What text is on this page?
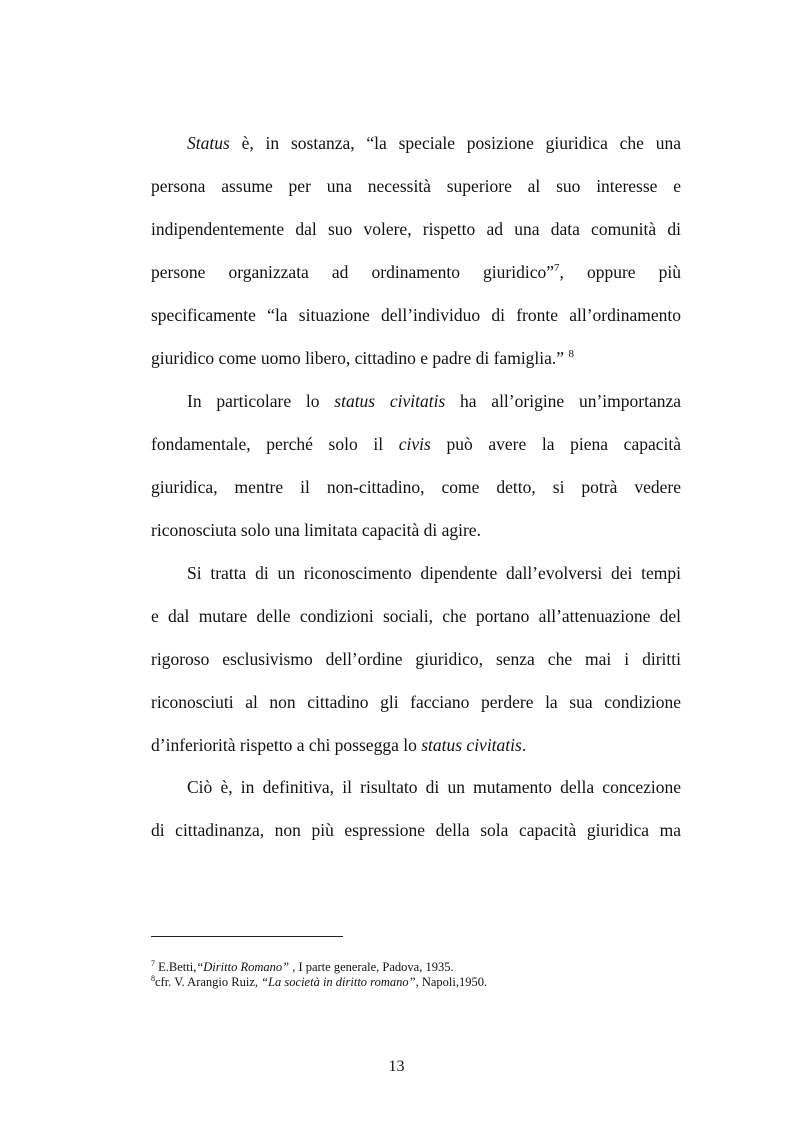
Status è, in sostanza, “la speciale posizione giuridica che una
persona assume per una necessità superiore al suo interesse e
indipendentemente dal suo volere, rispetto ad una data comunità di
persone organizzata ad ordinamento giuridico”$^7$, oppure più
specificamente “la situazione dell’individuo di fronte all’ordinamento
giuridico come uomo libero, cittadino e padre di famiglia.” $^8$
In particolare lo status civitatis ha all’origine un’importanza
fondamentale, perché solo il civis può avere la piena capacità
giuridica, mentre il non-cittadino, come detto, si potrà vedere
riconosciuta solo una limitata capacità di agire.
Si tratta di un riconoscimento dipendente dall’evolversi dei tempi
e dal mutare delle condizioni sociali, che portano all’attenuazione del
rigoroso esclusivismo dell’ordine giuridico, senza che mai i diritti
riconosciuti al non cittadino gli facciano perdere la sua condizione
d’inferiorità rispetto a chi possegga lo status civitatis.
Ciò è, in definitiva, il risultato di un mutamento della concezione
di cittadinanza, non più espressione della sola capacità giuridica ma
$^7$ E.Betti,“Diritto Romano” , I parte generale, Padova, 1935.
$^8$cfr. V. Arangio Ruiz, “La società in diritto romano”, Napoli,1950.
13
